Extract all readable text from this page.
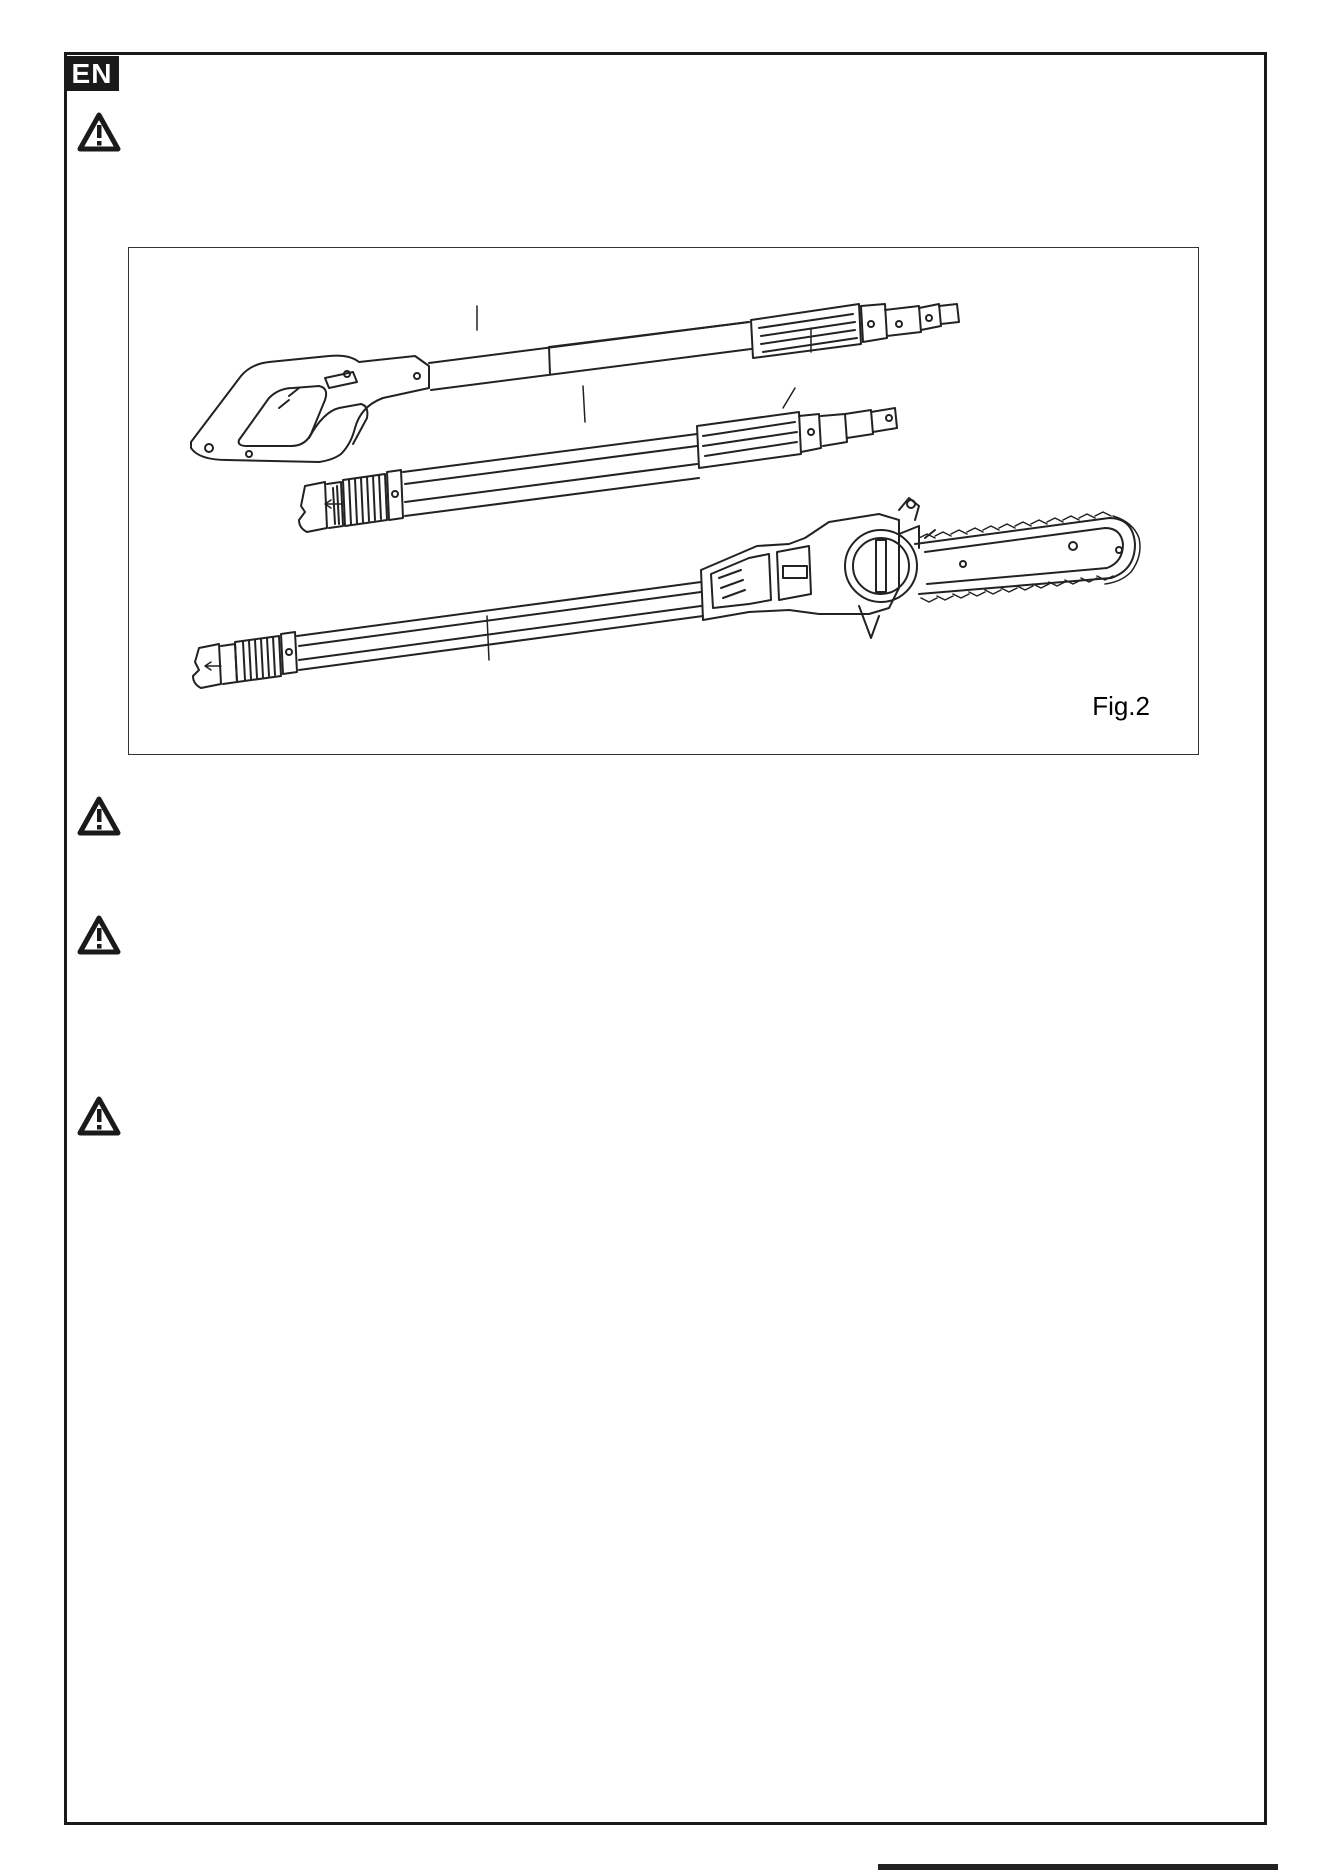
EN
Fig.2
